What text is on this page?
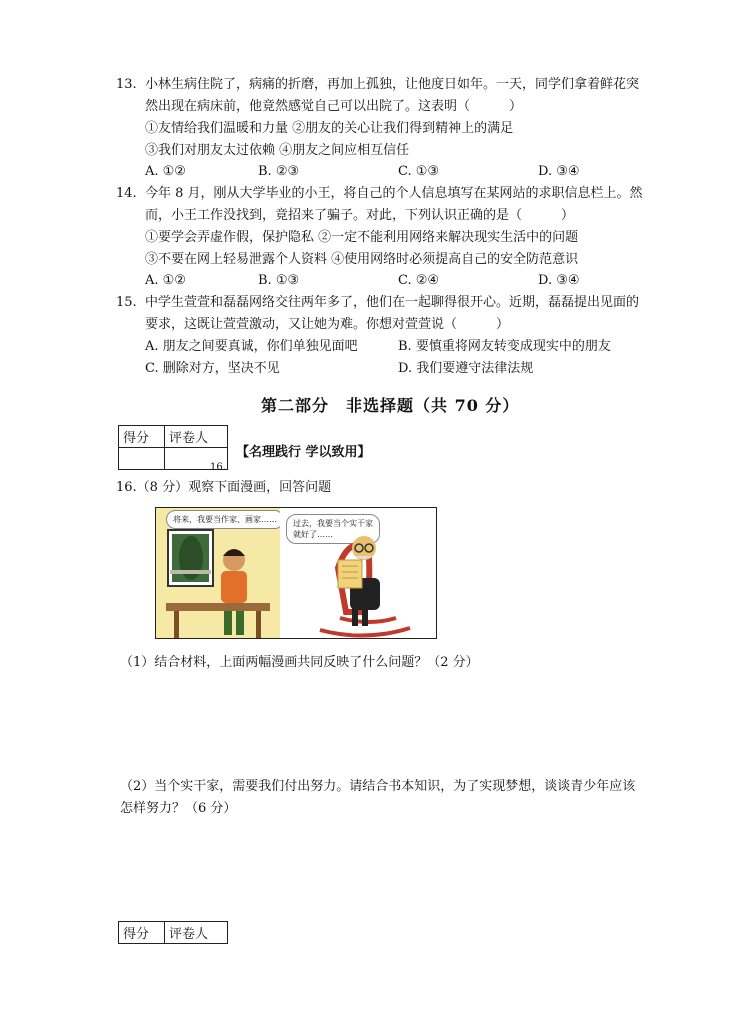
13. 小林生病住院了，病痛的折磨，再加上孤独，让他度日如年。一天，同学们拿着鲜花突
然出现在病床前，他竟然感觉自己可以出院了。这表明（　　　）
①友情给我们温暖和力量 ②朋友的关心让我们得到精神上的满足
③我们对朋友太过依赖 ④朋友之间应相互信任
A. ①②	B. ②③	C. ①③	D. ③④
14. 今年 8 月，刚从大学毕业的小王，将自己的个人信息填写在某网站的求职信息栏上。然
而，小王工作没找到，竟招来了骗子。对此，下列认识正确的是（　　　）
①要学会弄虚作假，保护隐私 ②一定不能利用网络来解决现实生活中的问题
③不要在网上轻易泄露个人资料 ④使用网络时必须提高自己的安全防范意识
A. ①②	B. ①③	C. ②④	D. ③④
15. 中学生萱萱和磊磊网络交往两年多了，他们在一起聊得很开心。近期，磊磊提出见面的
要求，这既让萱萱激动，又让她为难。你想对萱萱说（　　　）
A. 朋友之间要真诚，你们单独见面吧	B. 要慎重将网友转变成现实中的朋友
C. 删除对方，坚决不见	D. 我们要遵守法律法规
第二部分　非选择题（共 70 分）
得分	评卷人

16.
【名理践行 学以致用】
16.（8 分）观察下面漫画，回答问题
将来，我要当作家、画家……	过去，我要当个实干家
就好了……
（1）结合材料，上面两幅漫画共同反映了什么问题？（2 分）
（2）当个实干家，需要我们付出努力。请结合书本知识，为了实现梦想，谈谈青少年应该
怎样努力？（6 分）
得分	评卷人
